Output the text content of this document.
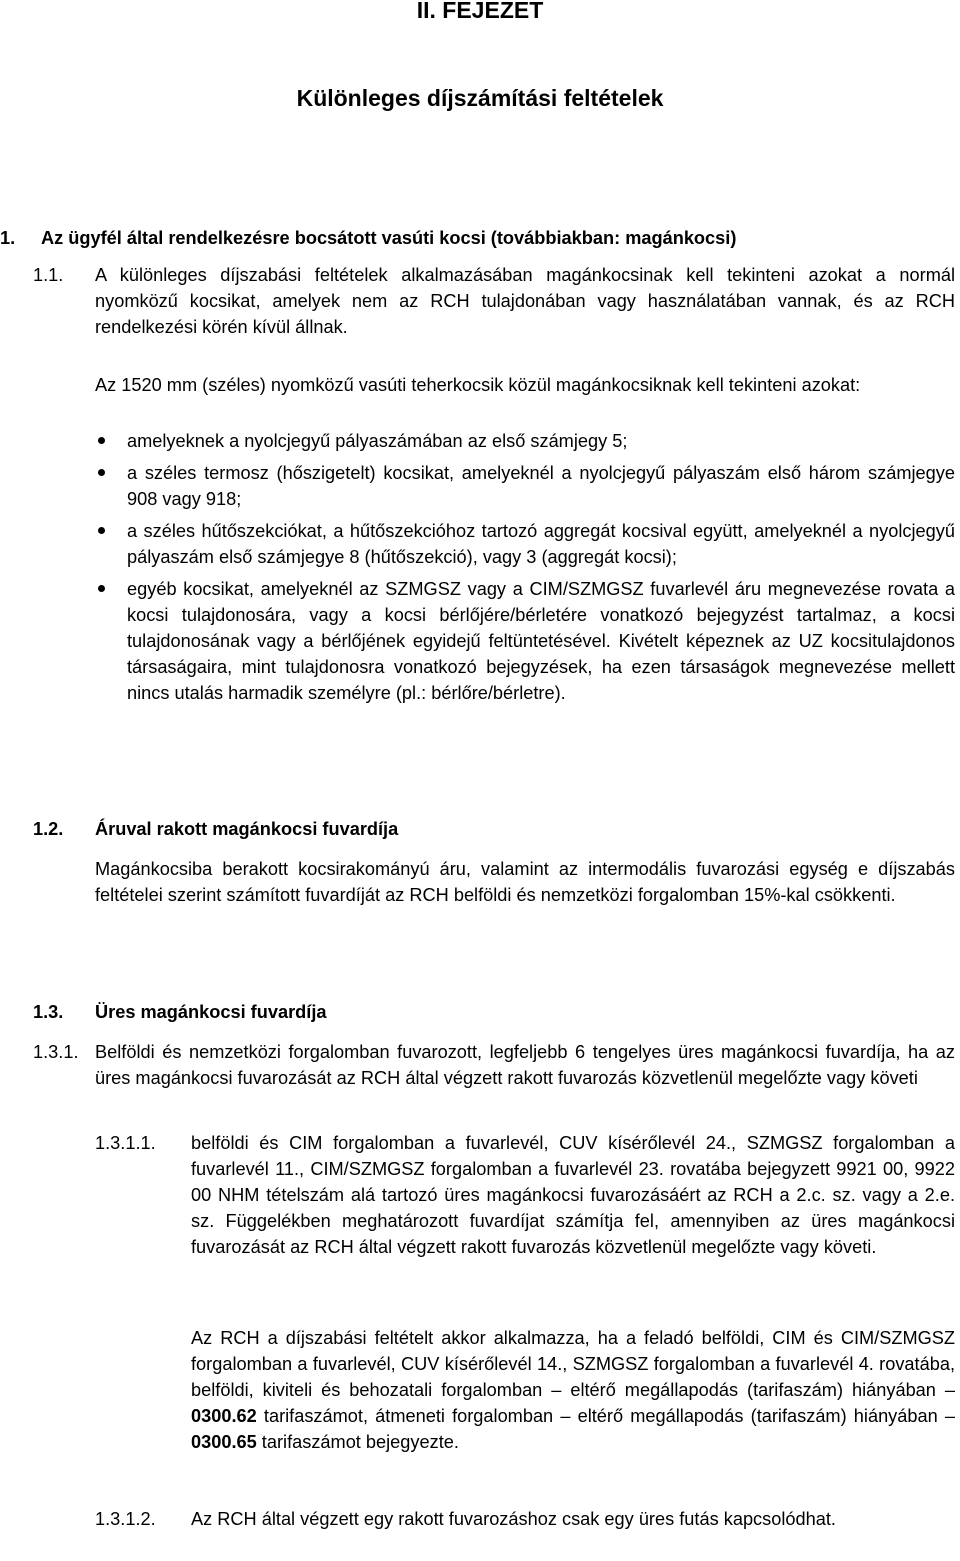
II. FEJEZET
Különleges díjszámítási feltételek
1. Az ügyfél által rendelkezésre bocsátott vasúti kocsi (továbbiakban: magánkocsi)
1.1. A különleges díjszabási feltételek alkalmazásában magánkocsinak kell tekinteni azokat a normál nyomközű kocsikat, amelyek nem az RCH tulajdonában vagy használatában vannak, és az RCH rendelkezési körén kívül állnak.
Az 1520 mm (széles) nyomközű vasúti teherkocsik közül magánkocsiknak kell tekinteni azokat:
amelyeknek a nyolcjegyű pályaszámában az első számjegy 5;
a széles termosz (hőszigetelt) kocsikat, amelyeknél a nyolcjegyű pályaszám első három számjegye 908 vagy 918;
a széles hűtőszekciókat, a hűtőszekcióhoz tartozó aggregát kocsival együtt, amelyeknél a nyolcjegyű pályaszám első számjegye 8 (hűtőszekció), vagy 3 (aggregát kocsi);
egyéb kocsikat, amelyeknél az SZMGSZ vagy a CIM/SZMGSZ fuvarlevél áru megnevezése rovata a kocsi tulajdonosára, vagy a kocsi bérlőjére/bérletére vonatkozó bejegyzést tartalmaz, a kocsi tulajdonosának vagy a bérlőjének egyidejű feltüntetésével. Kivételt képeznek az UZ kocsitulajdonos társaságaira, mint tulajdonosra vonatkozó bejegyzések, ha ezen társaságok megnevezése mellett nincs utalás harmadik személyre (pl.: bérlőre/bérletre).
1.2. Áruval rakott magánkocsi fuvardíja
Magánkocsiba berakott kocsirakományú áru, valamint az intermodális fuvarozási egység e díjszabás feltételei szerint számított fuvardíját az RCH belföldi és nemzetközi forgalomban 15%-kal csökkenti.
1.3. Üres magánkocsi fuvardíja
1.3.1. Belföldi és nemzetközi forgalomban fuvarozott, legfeljebb 6 tengelyes üres magánkocsi fuvardíja, ha az üres magánkocsi fuvarozását az RCH által végzett rakott fuvarozás közvetlenül megelőzte vagy követi
1.3.1.1. belföldi és CIM forgalomban a fuvarlevél, CUV kísérőlevél 24., SZMGSZ forgalomban a fuvarlevél 11., CIM/SZMGSZ forgalomban a fuvarlevél 23. rovatába bejegyzett 9921 00, 9922 00 NHM tételszám alá tartozó üres magánkocsi fuvarozásáért az RCH a 2.c. sz. vagy a 2.e. sz. Függelékben meghatározott fuvardíjat számítja fel, amennyiben az üres magánkocsi fuvarozását az RCH által végzett rakott fuvarozás közvetlenül megelőzte vagy követi.
Az RCH a díjszabási feltételt akkor alkalmazza, ha a feladó belföldi, CIM és CIM/SZMGSZ forgalomban a fuvarlevél, CUV kísérőlevél 14., SZMGSZ forgalomban a fuvarlevél 4. rovatába, belföldi, kiviteli és behozatali forgalomban – eltérő megállapodás (tarifaszám) hiányában – 0300.62 tarifaszámot, átmeneti forgalomban – eltérő megállapodás (tarifaszám) hiányában – 0300.65 tarifaszámot bejegyezte.
1.3.1.2. Az RCH által végzett egy rakott fuvarozáshoz csak egy üres futás kapcsolódhat.
